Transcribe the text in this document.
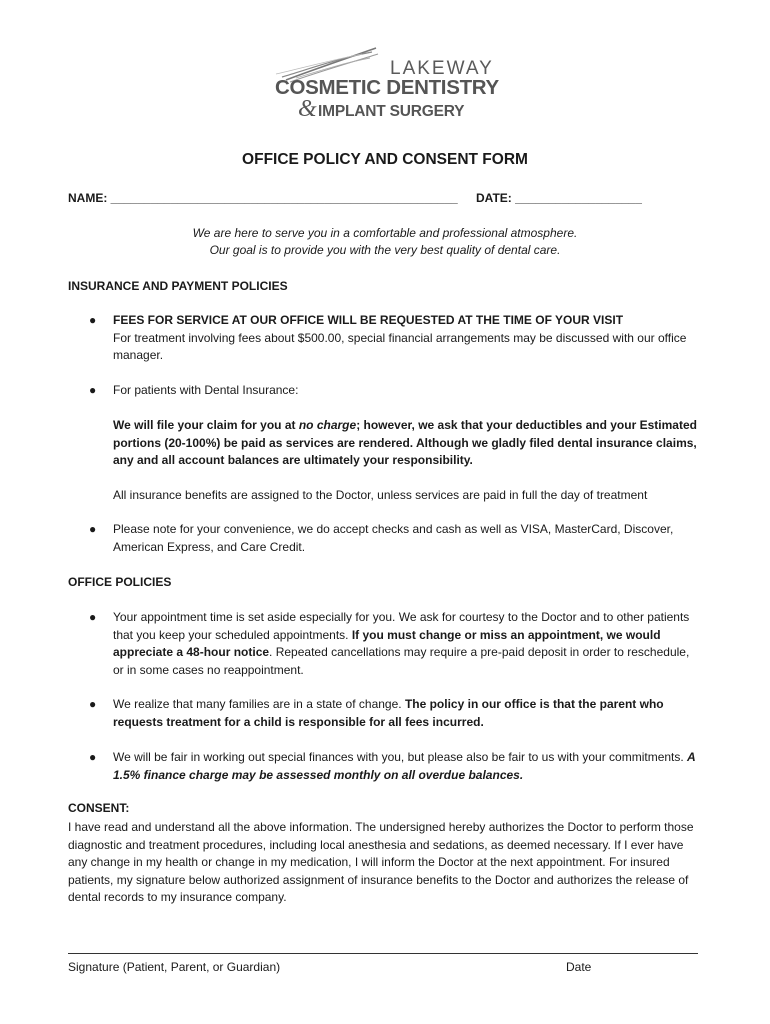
LAKEWAY
COSMETIC DENTISTRY
& IMPLANT SURGERY
OFFICE POLICY AND CONSENT FORM
NAME: ____________________________________________________ DATE: ___________________
We are here to serve you in a comfortable and professional atmosphere.
Our goal is to provide you with the very best quality of dental care.
INSURANCE AND PAYMENT POLICIES
● FEES FOR SERVICE AT OUR OFFICE WILL BE REQUESTED AT THE TIME OF YOUR VISIT
For treatment involving fees about $500.00, special financial arrangements may be discussed with our office manager.
● For patients with Dental Insurance:
We will file your claim for you at no charge; however, we ask that your deductibles and your Estimated portions (20-100%) be paid as services are rendered. Although we gladly filed dental insurance claims, any and all account balances are ultimately your responsibility.
All insurance benefits are assigned to the Doctor, unless services are paid in full the day of treatment
● Please note for your convenience, we do accept checks and cash as well as VISA, MasterCard, Discover, American Express, and Care Credit.
OFFICE POLICIES
● Your appointment time is set aside especially for you. We ask for courtesy to the Doctor and to other patients that you keep your scheduled appointments. If you must change or miss an appointment, we would appreciate a 48-hour notice. Repeated cancellations may require a pre-paid deposit in order to reschedule, or in some cases no reappointment.
● We realize that many families are in a state of change. The policy in our office is that the parent who requests treatment for a child is responsible for all fees incurred.
● We will be fair in working out special finances with you, but please also be fair to us with your commitments. A 1.5% finance charge may be assessed monthly on all overdue balances.
CONSENT:
I have read and understand all the above information. The undersigned hereby authorizes the Doctor to perform those diagnostic and treatment procedures, including local anesthesia and sedations, as deemed necessary. If I ever have any change in my health or change in my medication, I will inform the Doctor at the next appointment. For insured patients, my signature below authorized assignment of insurance benefits to the Doctor and authorizes the release of dental records to my insurance company.
Signature (Patient, Parent, or Guardian)	Date
